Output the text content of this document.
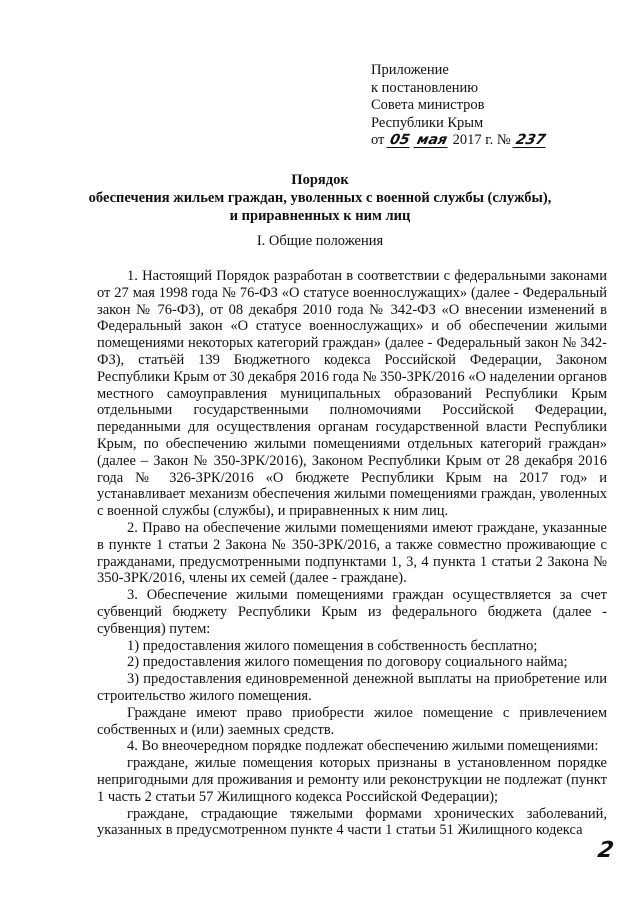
Приложение
к постановлению
Совета министров
Республики Крым
от 05 мая 2017 г. № 237
Порядок
обеспечения жильем граждан, уволенных с военной службы (службы),
и приравненных к ним лиц
I. Общие положения

1. Настоящий Порядок разработан в соответствии с федеральными законами от 27 мая 1998 года № 76-ФЗ «О статусе военнослужащих» (далее - Федеральный закон № 76-ФЗ), от 08 декабря 2010 года № 342-ФЗ «О внесении изменений в Федеральный закон «О статусе военнослужащих» и об обеспечении жилыми помещениями некоторых категорий граждан» (далее - Федеральный закон № 342-ФЗ), статьёй 139 Бюджетного кодекса Российской Федерации, Законом Республики Крым от 30 декабря 2016 года № 350-ЗРК/2016 «О наделении органов местного самоуправления муниципальных образований Республики Крым отдельными государственными полномочиями Российской Федерации, переданными для осуществления органам государственной власти Республики Крым, по обеспечению жилыми помещениями отдельных категорий граждан» (далее – Закон № 350-ЗРК/2016), Законом Республики Крым от 28 декабря 2016 года № 326-ЗРК/2016 «О бюджете Республики Крым на 2017 год» и устанавливает механизм обеспечения жилыми помещениями граждан, уволенных с военной службы (службы), и приравненных к ним лиц.

2. Право на обеспечение жилыми помещениями имеют граждане, указанные в пункте 1 статьи 2 Закона № 350-ЗРК/2016, а также совместно проживающие с гражданами, предусмотренными подпунктами 1, 3, 4 пункта 1 статьи 2 Закона № 350-ЗРК/2016, члены их семей (далее - граждане).

3. Обеспечение жилыми помещениями граждан осуществляется за счет субвенций бюджету Республики Крым из федерального бюджета (далее - субвенция) путем:

1) предоставления жилого помещения в собственность бесплатно;

2) предоставления жилого помещения по договору социального найма;

3) предоставления единовременной денежной выплаты на приобретение или строительство жилого помещения.

Граждане имеют право приобрести жилое помещение с привлечением собственных и (или) заемных средств.

4. Во внеочередном порядке подлежат обеспечению жилыми помещениями:

граждане, жилые помещения которых признаны в установленном порядке непригодными для проживания и ремонту или реконструкции не подлежат (пункт 1 часть 2 статьи 57 Жилищного кодекса Российской Федерации);

граждане, страдающие тяжелыми формами хронических заболеваний, указанных в предусмотренном пункте 4 части 1 статьи 51 Жилищного кодекса

2
